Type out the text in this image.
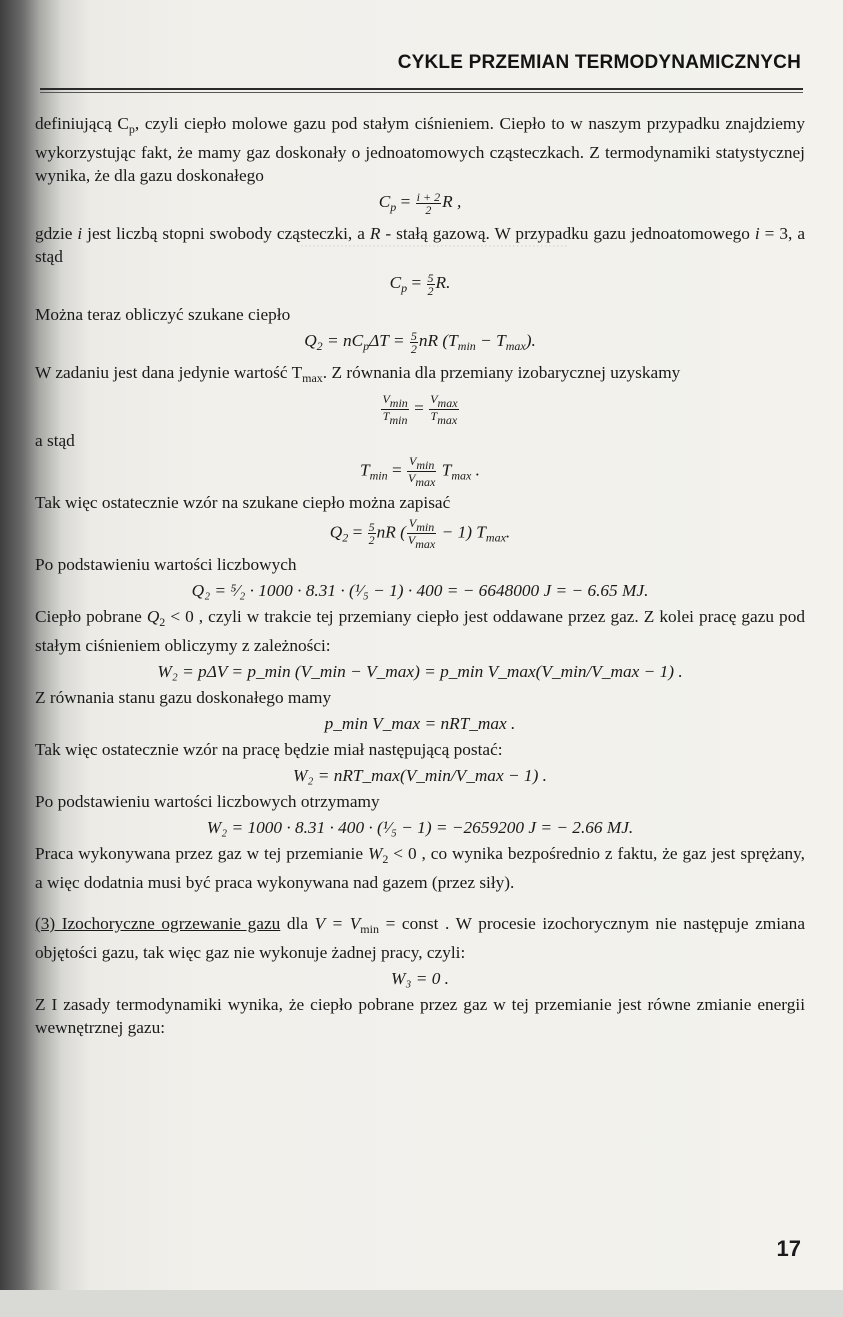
···································································
CYKLE PRZEMIAN TERMODYNAMICZNYCH

definiującą $C_p$, czyli ciepło molowe gazu pod stałym ciśnieniem. Ciepło to w naszym przypadku znajdziemy wykorzystując fakt, że mamy gaz doskonały o jednoatomowych cząsteczkach. Z termodynamiki statystycznej wynika, że dla gazu doskonałego

$C_p = \frac{i + 2}{2}$ R ,

gdzie i jest liczbą stopni swobody cząsteczki, a R - stałą gazową. W przypadku gazu jednoatomowego i = 3, a stąd

$C_p = \frac{5}{2} R$.

Można teraz obliczyć szukane ciepło

$Q_2 = nC_p\Delta T = \frac{5}{2}$ nR $(T_{min} - T_{max})$.

W zadaniu jest dana jedynie wartość $T_{max}$. Z równania dla przemiany izobarycznej uzyskamy

$\frac{V_{min}}{T_{min}} = \frac{V_{max}}{T_{max}}$

a stąd

$T_{min} = \frac{V_{min}}{V_{max}} T_{max}$ .

Tak więc ostatecznie wzór na szukane ciepło można zapisać

$Q_2 = \frac{5}{2}$ nR ( $\frac{V_{min}}{V_{max}} - 1$) $T_{max}$.

Po podstawieniu wartości liczbowych

Q₂ = ⁵⁄₂ · 1000 · 8.31 · (¹⁄₅ − 1) · 400 = − 6648000 J = − 6.65 MJ.

Ciepło pobrane $Q_2 < 0$ , czyli w trakcie tej przemiany ciepło jest oddawane przez gaz. Z kolei pracę gazu pod stałym ciśnieniem obliczymy z zależności:

W₂ = pΔV = p_min (V_min − V_max) = p_min V_max(V_min/V_max − 1) .

Z równania stanu gazu doskonałego mamy

p_min V_max = nRT_max .

Tak więc ostatecznie wzór na pracę będzie miał następującą postać:

W₂ = nRT_max(V_min/V_max − 1) .

Po podstawieniu wartości liczbowych otrzymamy

W₂ = 1000 · 8.31 · 400 · (¹⁄₅ − 1) = −2659200 J = − 2.66 MJ.

Praca wykonywana przez gaz w tej przemianie $W_2 < 0$ , co wynika bezpośrednio z faktu, że gaz jest sprężany, a więc dodatnia musi być praca wykonywana nad gazem (przez siły).

(3) Izochoryczne ogrzewanie gazu dla $V = V_{min}$ = const . W procesie izochorycznym nie następuje zmiana objętości gazu, tak więc gaz nie wykonuje żadnej pracy, czyli:

W₃ = 0 .

Z I zasady termodynamiki wynika, że ciepło pobrane przez gaz w tej przemianie jest równe zmianie energii wewnętrznej gazu:

17
